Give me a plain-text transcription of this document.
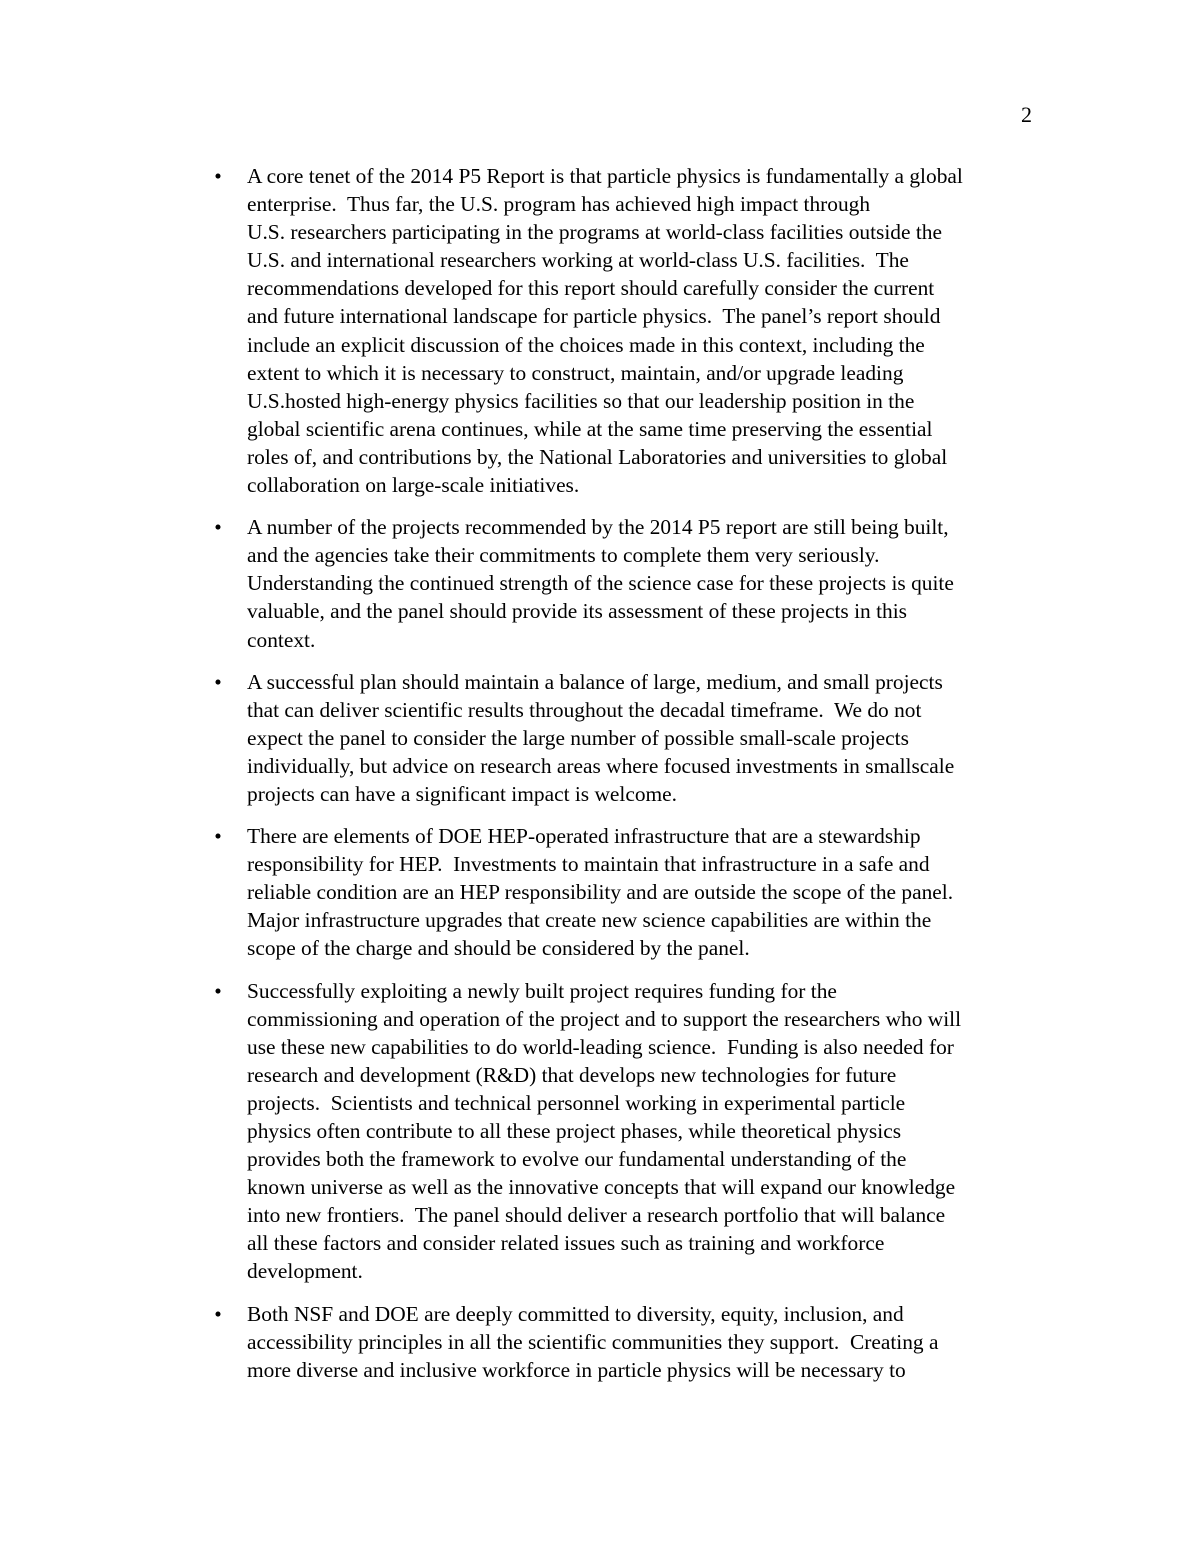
2
• A core tenet of the 2014 P5 Report is that particle physics is fundamentally a global
enterprise.  Thus far, the U.S. program has achieved high impact through
U.S. researchers participating in the programs at world-class facilities outside the
U.S. and international researchers working at world-class U.S. facilities.  The
recommendations developed for this report should carefully consider the current
and future international landscape for particle physics.  The panel’s report should
include an explicit discussion of the choices made in this context, including the
extent to which it is necessary to construct, maintain, and/or upgrade leading
U.S.hosted high-energy physics facilities so that our leadership position in the
global scientific arena continues, while at the same time preserving the essential
roles of, and contributions by, the National Laboratories and universities to global
collaboration on large-scale initiatives.
• A number of the projects recommended by the 2014 P5 report are still being built,
and the agencies take their commitments to complete them very seriously.
Understanding the continued strength of the science case for these projects is quite
valuable, and the panel should provide its assessment of these projects in this
context.
• A successful plan should maintain a balance of large, medium, and small projects
that can deliver scientific results throughout the decadal timeframe.  We do not
expect the panel to consider the large number of possible small-scale projects
individually, but advice on research areas where focused investments in smallscale
projects can have a significant impact is welcome.
• There are elements of DOE HEP-operated infrastructure that are a stewardship
responsibility for HEP.  Investments to maintain that infrastructure in a safe and
reliable condition are an HEP responsibility and are outside the scope of the panel.
Major infrastructure upgrades that create new science capabilities are within the
scope of the charge and should be considered by the panel.
• Successfully exploiting a newly built project requires funding for the
commissioning and operation of the project and to support the researchers who will
use these new capabilities to do world-leading science.  Funding is also needed for
research and development (R&D) that develops new technologies for future
projects.  Scientists and technical personnel working in experimental particle
physics often contribute to all these project phases, while theoretical physics
provides both the framework to evolve our fundamental understanding of the
known universe as well as the innovative concepts that will expand our knowledge
into new frontiers.  The panel should deliver a research portfolio that will balance
all these factors and consider related issues such as training and workforce
development.
• Both NSF and DOE are deeply committed to diversity, equity, inclusion, and
accessibility principles in all the scientific communities they support.  Creating a
more diverse and inclusive workforce in particle physics will be necessary to
